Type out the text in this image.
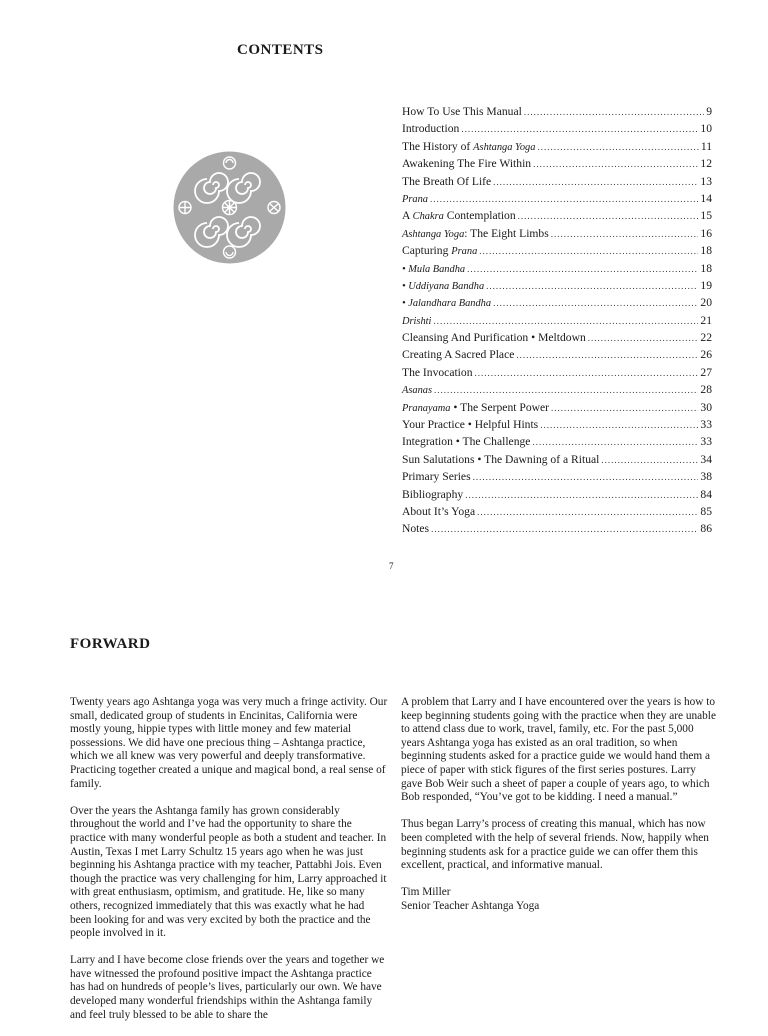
CONTENTS
How To Use This Manual .....	9
Introduction .....	10
The History of Ashtanga Yoga .....	11
Awakening The Fire Within .....	12
The Breath Of Life .....	13
Prana .....	14
A Chakra Contemplation .....	15
Ashtanga Yoga: The Eight Limbs .....	16
Capturing Prana .....	18
• Mula Bandha .....	18
• Uddiyana Bandha .....	19
• Jalandhara Bandha .....	20
Drishti .....	21
Cleansing And Purification • Meltdown .....	22
Creating A Sacred Place .....	26
The Invocation .....	27
Asanas .....	28
Pranayama • The Serpent Power .....	30
Your Practice • Helpful Hints .....	33
Integration • The Challenge .....	33
Sun Salutations • The Dawning of a Ritual .....	34
Primary Series .....	38
Bibliography .....	84
About It’s Yoga .....	85
Notes .....	86
7
FORWARD

Twenty years ago Ashtanga yoga was very much a fringe activity. Our small, dedicated group of students in Encinitas, California were mostly young, hippie types with little money and few material possessions. We did have one precious thing – Ashtanga practice, which we all knew was very powerful and deeply transformative. Practicing together created a unique and magical bond, a real sense of family.

Over the years the Ashtanga family has grown considerably throughout the world and I’ve had the opportunity to share the practice with many wonderful people as both a student and teacher. In Austin, Texas I met Larry Schultz 15 years ago when he was just beginning his Ashtanga practice with my teacher, Pattabhi Jois. Even though the practice was very challenging for him, Larry approached it with great enthusiasm, optimism, and gratitude. He, like so many others, recognized immediately that this was exactly what he had been looking for and was very excited by both the practice and the people involved in it.

Larry and I have become close friends over the years and together we have witnessed the profound positive impact the Ashtanga practice has had on hundreds of people’s lives, particularly our own. We have developed many wonderful friendships within the Ashtanga family and feel truly blessed to be able to share the

A problem that Larry and I have encountered over the years is how to keep beginning students going with the practice when they are unable to attend class due to work, travel, family, etc. For the past 5,000 years Ashtanga yoga has existed as an oral tradition, so when beginning students asked for a practice guide we would hand them a piece of paper with stick figures of the first series postures. Larry gave Bob Weir such a sheet of paper a couple of years ago, to which Bob responded, “You’ve got to be kidding. I need a manual.”

Thus began Larry’s process of creating this manual, which has now been completed with the help of several friends. Now, happily when beginning students ask for a practice guide we can offer them this excellent, practical, and informative manual.

Tim Miller
Senior Teacher Ashtanga Yoga
